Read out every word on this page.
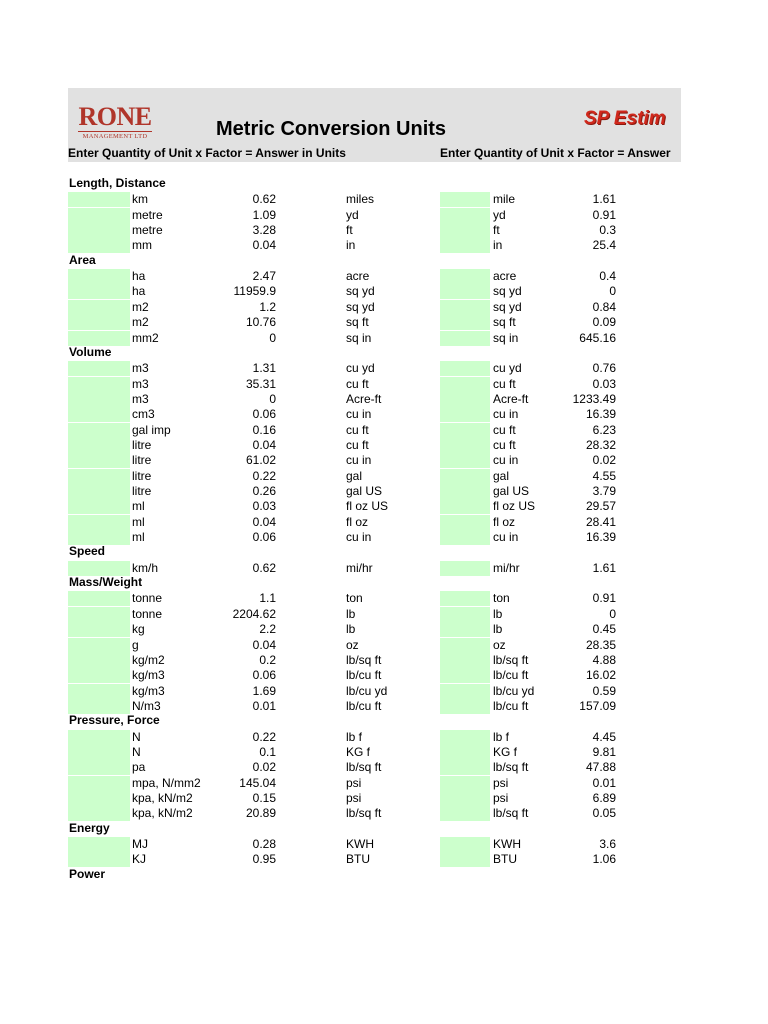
RONE
MANAGEMENT LTD	Metric Conversion Units	SP Estim
Enter Quantity of Unit x Factor = Answer in Units	Enter Quantity of Unit x Factor = Answer
Length, Distance
km	0.62	miles	mile	1.61
metre	1.09	yd	yd	0.91
metre	3.28	ft	ft	0.3
mm	0.04	in	in	25.4
Area
ha	2.47	acre	acre	0.4
ha	11959.9	sq yd	sq yd	0
m2	1.2	sq yd	sq yd	0.84
m2	10.76	sq ft	sq ft	0.09
mm2	0	sq in	sq in	645.16
Volume
m3	1.31	cu yd	cu yd	0.76
m3	35.31	cu ft	cu ft	0.03
m3	0	Acre-ft	Acre-ft	1233.49
cm3	0.06	cu in	cu in	16.39
gal imp	0.16	cu ft	cu ft	6.23
litre	0.04	cu ft	cu ft	28.32
litre	61.02	cu in	cu in	0.02
litre	0.22	gal	gal	4.55
litre	0.26	gal US	gal US	3.79
ml	0.03	fl oz US	fl oz US	29.57
ml	0.04	fl oz	fl oz	28.41
ml	0.06	cu in	cu in	16.39
Speed
km/h	0.62	mi/hr	mi/hr	1.61
Mass/Weight
tonne	1.1	ton	ton	0.91
tonne	2204.62	lb	lb	0
kg	2.2	lb	lb	0.45
g	0.04	oz	oz	28.35
kg/m2	0.2	lb/sq ft	lb/sq ft	4.88
kg/m3	0.06	lb/cu ft	lb/cu ft	16.02
kg/m3	1.69	lb/cu yd	lb/cu yd	0.59
N/m3	0.01	lb/cu ft	lb/cu ft	157.09
Pressure, Force
N	0.22	lb f	lb f	4.45
N	0.1	KG f	KG f	9.81
pa	0.02	lb/sq ft	lb/sq ft	47.88
mpa, N/mm2	145.04	psi	psi	0.01
kpa, kN/m2	0.15	psi	psi	6.89
kpa, kN/m2	20.89	lb/sq ft	lb/sq ft	0.05
Energy
MJ	0.28	KWH	KWH	3.6
KJ	0.95	BTU	BTU	1.06
Power
